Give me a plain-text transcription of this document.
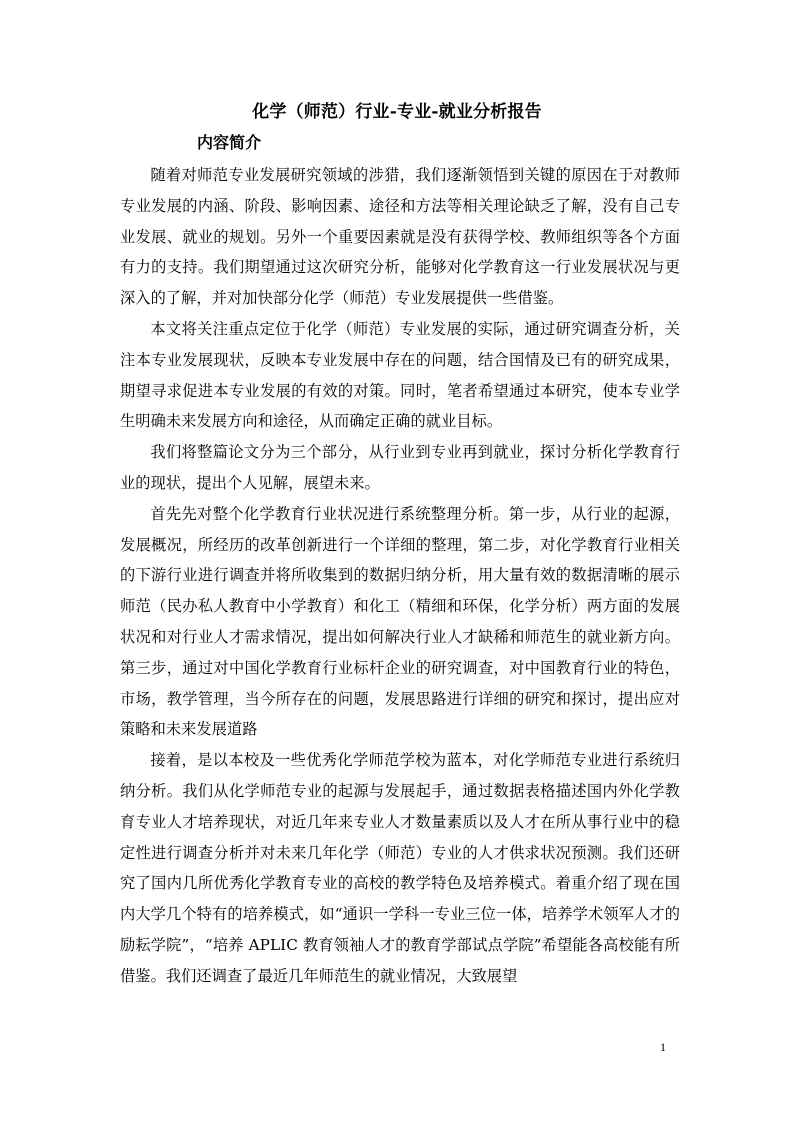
化学（师范）行业-专业-就业分析报告
内容简介

随着对师范专业发展研究领域的涉猎，我们逐渐领悟到关键的原因在于对教师专业发展的内涵、阶段、影响因素、途径和方法等相关理论缺乏了解，没有自己专业发展、就业的规划。另外一个重要因素就是没有获得学校、教师组织等各个方面有力的支持。我们期望通过这次研究分析，能够对化学教育这一行业发展状况与更深入的了解，并对加快部分化学（师范）专业发展提供一些借鉴。

本文将关注重点定位于化学（师范）专业发展的实际，通过研究调查分析，关注本专业发展现状，反映本专业发展中存在的问题，结合国情及已有的研究成果，期望寻求促进本专业发展的有效的对策。同时，笔者希望通过本研究，使本专业学生明确未来发展方向和途径，从而确定正确的就业目标。

我们将整篇论文分为三个部分，从行业到专业再到就业，探讨分析化学教育行业的现状，提出个人见解，展望未来。

首先先对整个化学教育行业状况进行系统整理分析。第一步，从行业的起源，发展概况，所经历的改革创新进行一个详细的整理，第二步，对化学教育行业相关的下游行业进行调查并将所收集到的数据归纳分析，用大量有效的数据清晰的展示师范（民办私人教育中小学教育）和化工（精细和环保，化学分析）两方面的发展状况和对行业人才需求情况，提出如何解决行业人才缺稀和师范生的就业新方向。第三步，通过对中国化学教育行业标杆企业的研究调查，对中国教育行业的特色，市场，教学管理，当今所存在的问题，发展思路进行详细的研究和探讨，提出应对策略和未来发展道路

接着，是以本校及一些优秀化学师范学校为蓝本，对化学师范专业进行系统归纳分析。我们从化学师范专业的起源与发展起手，通过数据表格描述国内外化学教育专业人才培养现状，对近几年来专业人才数量素质以及人才在所从事行业中的稳定性进行调查分析并对未来几年化学（师范）专业的人才供求状况预测。我们还研究了国内几所优秀化学教育专业的高校的教学特色及培养模式。着重介绍了现在国内大学几个特有的培养模式，如“通识一学科一专业三位一体，培养学术领军人才的励耘学院”，“培养 APLIC 教育领袖人才的教育学部试点学院”希望能各高校能有所借鉴。我们还调查了最近几年师范生的就业情况，大致展望

1
